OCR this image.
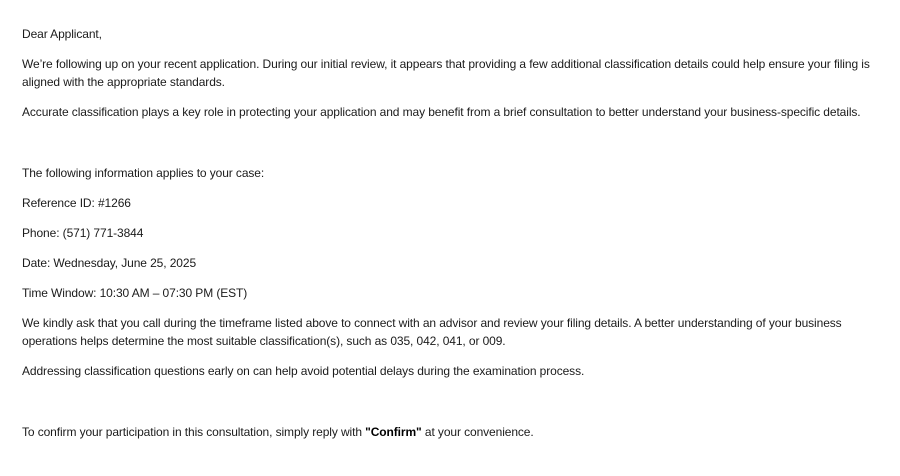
Dear Applicant,

We’re following up on your recent application. During our initial review, it appears that providing a few additional classification details could help ensure your filing is aligned with the appropriate standards.

Accurate classification plays a key role in protecting your application and may benefit from a brief consultation to better understand your business-specific details.

The following information applies to your case:

Reference ID: #1266

Phone: (571) 771-3844

Date: Wednesday, June 25, 2025

Time Window: 10:30 AM – 07:30 PM (EST)

We kindly ask that you call during the timeframe listed above to connect with an advisor and review your filing details. A better understanding of your business operations helps determine the most suitable classification(s), such as 035, 042, 041, or 009.

Addressing classification questions early on can help avoid potential delays during the examination process.

To confirm your participation in this consultation, simply reply with "Confirm" at your convenience.
